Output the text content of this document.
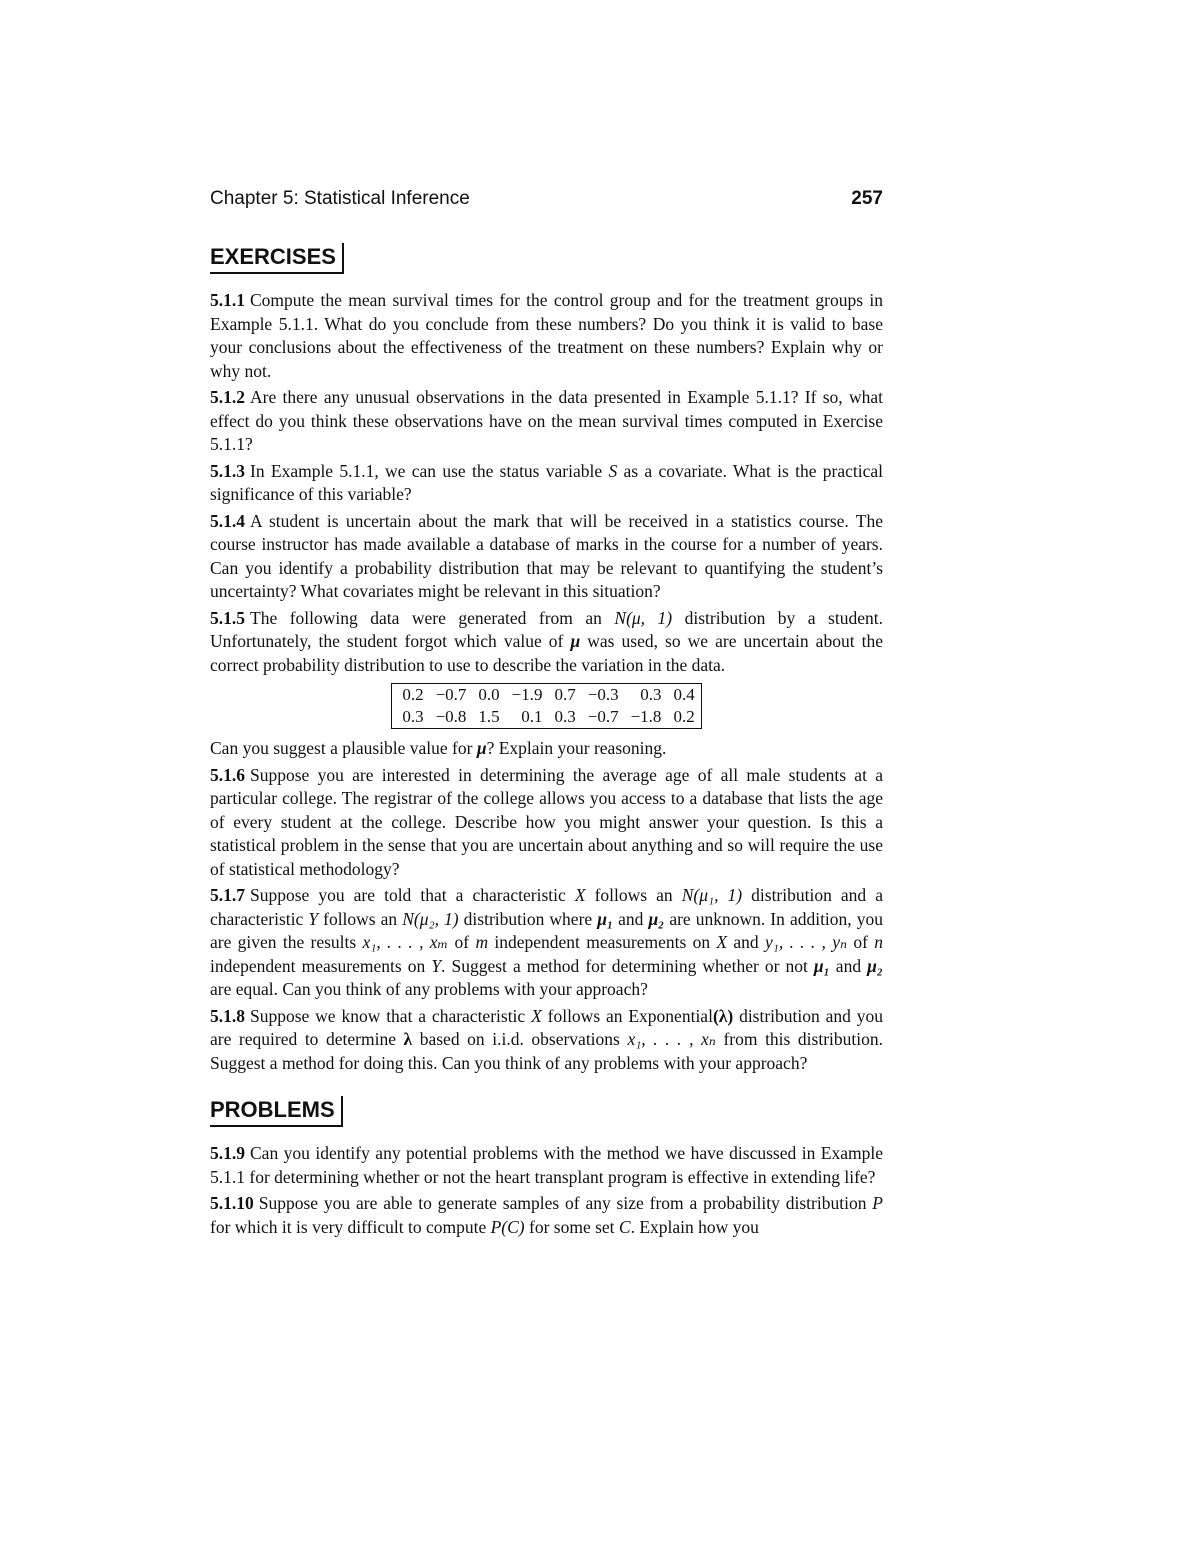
Chapter 5: Statistical Inference	257
EXERCISES

5.1.1 Compute the mean survival times for the control group and for the treatment groups in Example 5.1.1. What do you conclude from these numbers? Do you think it is valid to base your conclusions about the effectiveness of the treatment on these numbers? Explain why or why not.

5.1.2 Are there any unusual observations in the data presented in Example 5.1.1? If so, what effect do you think these observations have on the mean survival times computed in Exercise 5.1.1?

5.1.3 In Example 5.1.1, we can use the status variable S as a covariate. What is the practical significance of this variable?

5.1.4 A student is uncertain about the mark that will be received in a statistics course. The course instructor has made available a database of marks in the course for a number of years. Can you identify a probability distribution that may be relevant to quantifying the student’s uncertainty? What covariates might be relevant in this situation?

5.1.5 The following data were generated from an N(μ, 1) distribution by a student. Unfortunately, the student forgot which value of μ was used, so we are uncertain about the correct probability distribution to use to describe the variation in the data.

0.2	−0.7	0.0	−1.9	0.7	−0.3	0.3	0.4
0.3	−0.8	1.5	0.1	0.3	−0.7	−1.8	0.2

Can you suggest a plausible value for μ? Explain your reasoning.

5.1.6 Suppose you are interested in determining the average age of all male students at a particular college. The registrar of the college allows you access to a database that lists the age of every student at the college. Describe how you might answer your question. Is this a statistical problem in the sense that you are uncertain about anything and so will require the use of statistical methodology?

5.1.7 Suppose you are told that a characteristic X follows an N(μ₁, 1) distribution and a characteristic Y follows an N(μ₂, 1) distribution where μ₁ and μ₂ are unknown. In addition, you are given the results x₁, . . . , xₘ of m independent measurements on X and y₁, . . . , yₙ of n independent measurements on Y. Suggest a method for determining whether or not μ₁ and μ₂ are equal. Can you think of any problems with your approach?

5.1.8 Suppose we know that a characteristic X follows an Exponential(λ) distribution and you are required to determine λ based on i.i.d. observations x₁, . . . , xₙ from this distribution. Suggest a method for doing this. Can you think of any problems with your approach?

PROBLEMS

5.1.9 Can you identify any potential problems with the method we have discussed in Example 5.1.1 for determining whether or not the heart transplant program is effective in extending life?

5.1.10 Suppose you are able to generate samples of any size from a probability distribution P for which it is very difficult to compute P(C) for some set C. Explain how you
